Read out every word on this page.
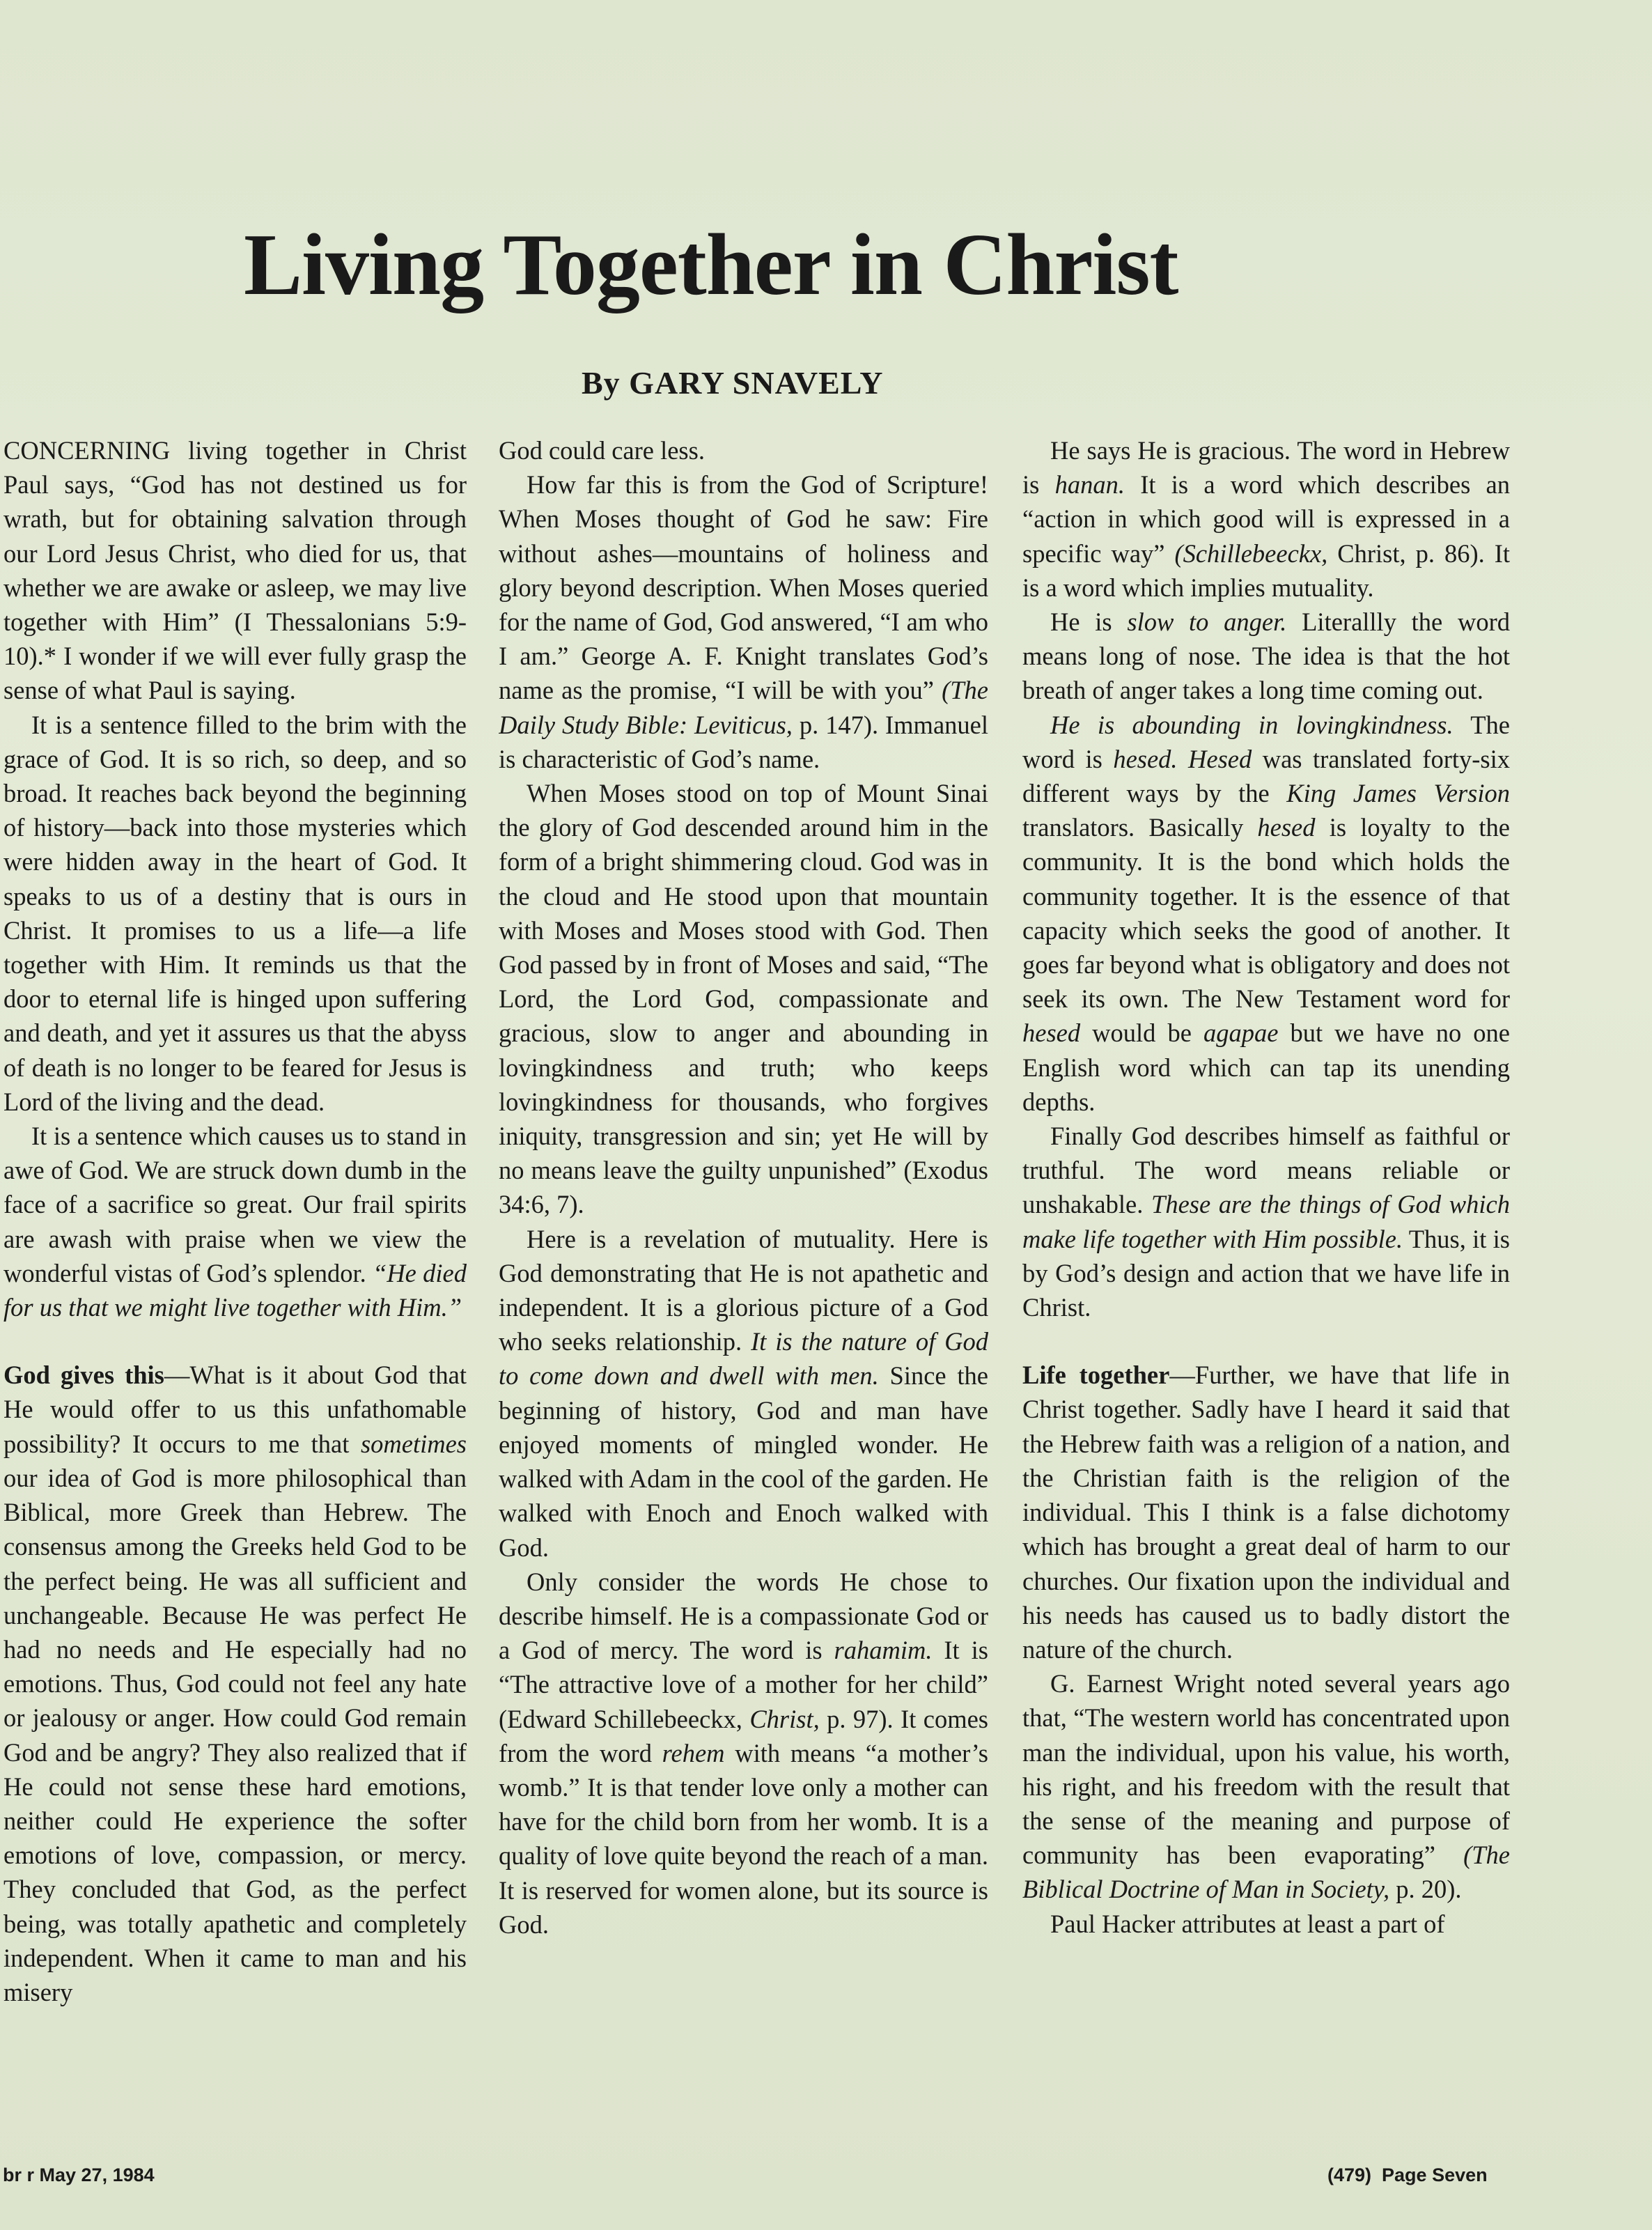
Living Together in Christ
By GARY SNAVELY

CONCERNING living together in Christ Paul says, “God has not destined us for wrath, but for obtaining salvation through our Lord Jesus Christ, who died for us, that whether we are awake or asleep, we may live together with Him” (I Thessalonians 5:9-10).* I wonder if we will ever fully grasp the sense of what Paul is saying.

It is a sentence filled to the brim with the grace of God. It is so rich, so deep, and so broad. It reaches back beyond the beginning of history—back into those mysteries which were hidden away in the heart of God. It speaks to us of a destiny that is ours in Christ. It promises to us a life—a life together with Him. It reminds us that the door to eternal life is hinged upon suffering and death, and yet it assures us that the abyss of death is no longer to be feared for Jesus is Lord of the living and the dead.

It is a sentence which causes us to stand in awe of God. We are struck down dumb in the face of a sacrifice so great. Our frail spirits are awash with praise when we view the wonderful vistas of God’s splendor. “He died for us that we might live together with Him.”

God gives this—What is it about God that He would offer to us this unfathomable possibility? It occurs to me that sometimes our idea of God is more philosophical than Biblical, more Greek than Hebrew. The consensus among the Greeks held God to be the perfect being. He was all sufficient and unchangeable. Because He was perfect He had no needs and He especially had no emotions. Thus, God could not feel any hate or jealousy or anger. How could God remain God and be angry? They also realized that if He could not sense these hard emotions, neither could He experience the softer emotions of love, compassion, or mercy. They concluded that God, as the perfect being, was totally apathetic and completely independent. When it came to man and his misery

God could care less.

How far this is from the God of Scripture! When Moses thought of God he saw: Fire without ashes—mountains of holiness and glory beyond description. When Moses queried for the name of God, God answered, “I am who I am.” George A. F. Knight translates God’s name as the promise, “I will be with you” (The Daily Study Bible: Leviticus, p. 147). Immanuel is characteristic of God’s name.

When Moses stood on top of Mount Sinai the glory of God descended around him in the form of a bright shimmering cloud. God was in the cloud and He stood upon that mountain with Moses and Moses stood with God. Then God passed by in front of Moses and said, “The Lord, the Lord God, compassionate and gracious, slow to anger and abounding in lovingkindness and truth; who keeps lovingkindness for thousands, who forgives iniquity, transgression and sin; yet He will by no means leave the guilty unpunished” (Exodus 34:6, 7).

Here is a revelation of mutuality. Here is God demonstrating that He is not apathetic and independent. It is a glorious picture of a God who seeks relationship. It is the nature of God to come down and dwell with men. Since the beginning of history, God and man have enjoyed moments of mingled wonder. He walked with Adam in the cool of the garden. He walked with Enoch and Enoch walked with God.

Only consider the words He chose to describe himself. He is a compassionate God or a God of mercy. The word is rahamim. It is “The attractive love of a mother for her child” (Edward Schillebeeckx, Christ, p. 97). It comes from the word rehem with means “a mother’s womb.” It is that tender love only a mother can have for the child born from her womb. It is a quality of love quite beyond the reach of a man. It is reserved for women alone, but its source is God.

He says He is gracious. The word in Hebrew is hanan. It is a word which describes an “action in which good will is expressed in a specific way” (Schillebeeckx, Christ, p. 86). It is a word which implies mutuality.

He is slow to anger. Literallly the word means long of nose. The idea is that the hot breath of anger takes a long time coming out.

He is abounding in lovingkindness. The word is hesed. Hesed was translated forty-six different ways by the King James Version translators. Basically hesed is loyalty to the community. It is the bond which holds the community together. It is the essence of that capacity which seeks the good of another. It goes far beyond what is obligatory and does not seek its own. The New Testament word for hesed would be agapae but we have no one English word which can tap its unending depths.

Finally God describes himself as faithful or truthful. The word means reliable or unshakable. These are the things of God which make life together with Him possible. Thus, it is by God’s design and action that we have life in Christ.

Life together—Further, we have that life in Christ together. Sadly have I heard it said that the Hebrew faith was a religion of a nation, and the Christian faith is the religion of the individual. This I think is a false dichotomy which has brought a great deal of harm to our churches. Our fixation upon the individual and his needs has caused us to badly distort the nature of the church.

G. Earnest Wright noted several years ago that, “The western world has concentrated upon man the individual, upon his value, his worth, his right, and his freedom with the result that the sense of the meaning and purpose of community has been evaporating” (The Biblical Doctrine of Man in Society, p. 20).

Paul Hacker attributes at least a part of

br r May 27, 1984	(479)  Page Seven
